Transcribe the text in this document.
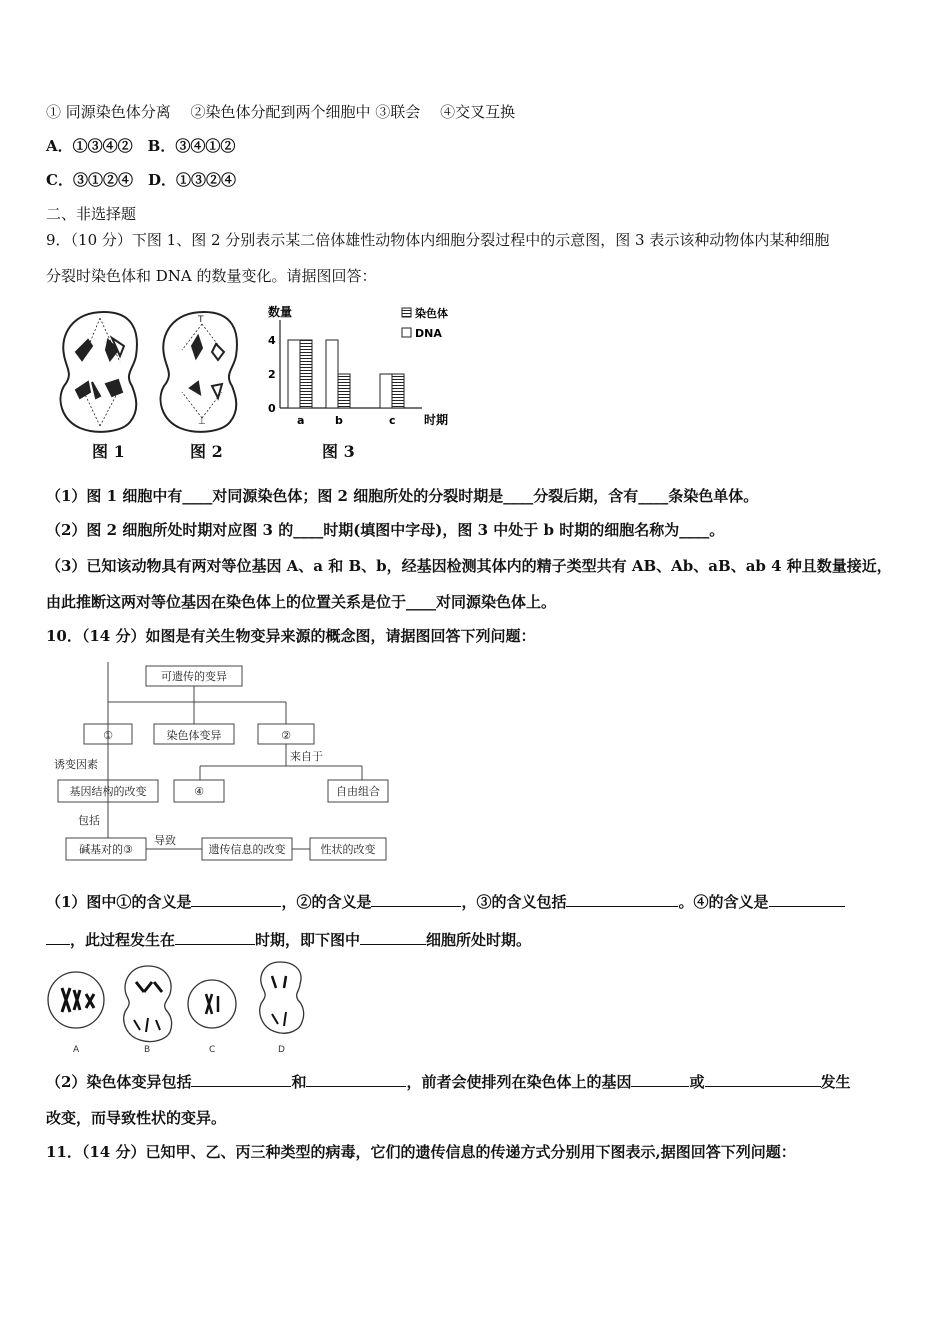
① 同源染色体分离　 ②染色体分配到两个细胞中 ③联会　 ④交叉互换
A．①③④②　B．③④①②
C．③①②④　D．①③②④
二、非选择题
9．（10 分）下图 1、图 2 分别表示某二倍体雄性动物体内细胞分裂过程中的示意图，图 3 表示该种动物体内某种细胞
分裂时染色体和 DNA 的数量变化。请据图回答：
T
⊥
图 1	图 2
数量
时期
a	b	c
0
2
4
染色体
DNA
图 3
（1）图 1 细胞中有____对同源染色体；图 2 细胞所处的分裂时期是____分裂后期，含有____条染色单体。
（2）图 2 细胞所处时期对应图 3 的____时期(填图中字母)，图 3 中处于 b 时期的细胞名称为____。
（3）已知该动物具有两对等位基因 A、a 和 B、b，经基因检测其体内的精子类型共有 AB、Ab、aB、ab 4 种且数量接近，
由此推断这两对等位基因在染色体上的位置关系是位于____对同源染色体上。
10．（14 分）如图是有关生物变异来源的概念图，请据图回答下列问题：
可遗传的变异
①	染色体变异	②
来自于
诱变因素
④	自由组合
基因结构的改变
包括
碱基对的③
导致
遗传信息的改变	性状的改变
（1）图中①的含义是	，②的含义是	，③的含义包括	。④的含义是
，此过程发生在	时期，即下图中	细胞所处时期。
A	B	C	D
（2）染色体变异包括	和	，前者会使排列在染色体上的基因	或	发生
改变，而导致性状的变异。
11．（14 分）已知甲、乙、丙三种类型的病毒，它们的遗传信息的传递方式分别用下图表示,据图回答下列问题：
